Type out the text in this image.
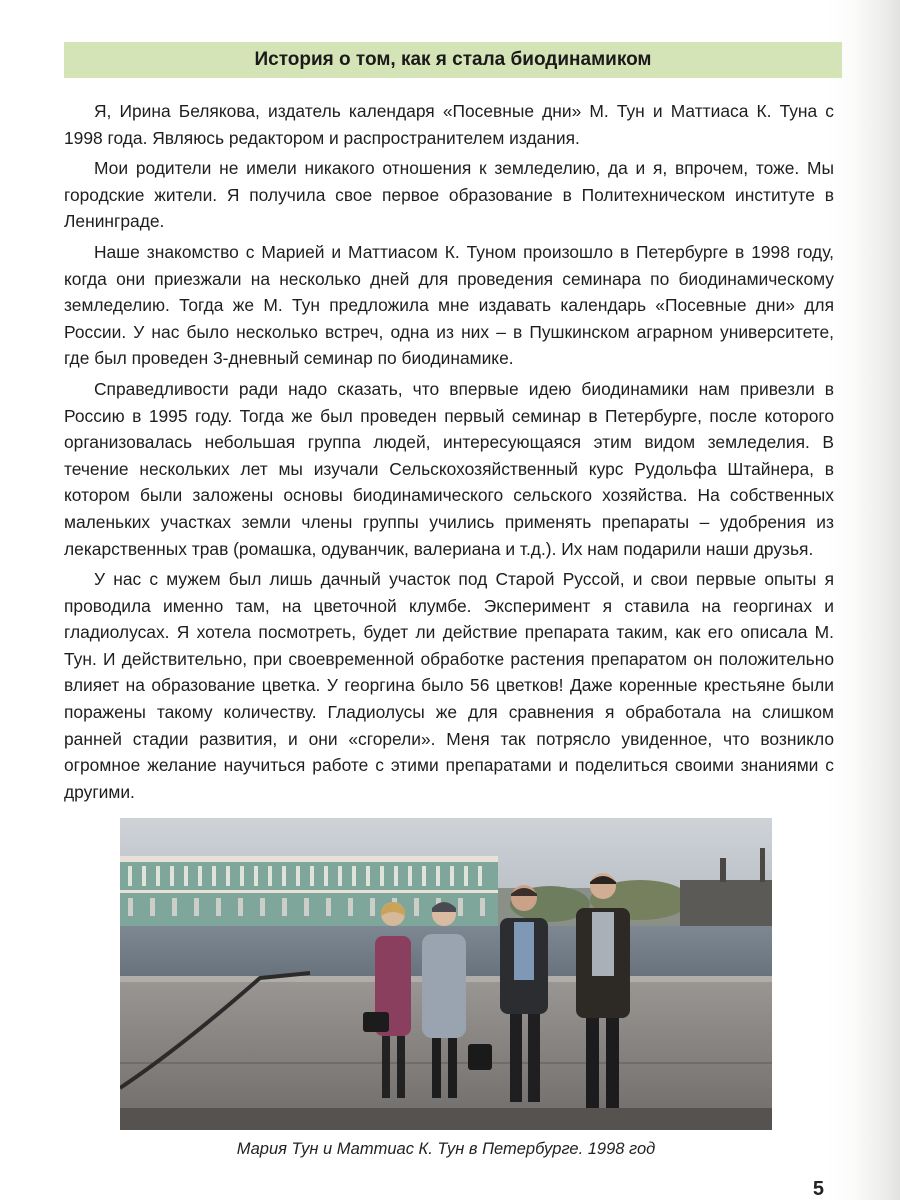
История о том, как я стала биодинамиком

Я, Ирина Белякова, издатель календаря «Посевные дни» М. Тун и Маттиаса К. Туна с 1998 года. Являюсь редактором и распространителем издания.

Мои родители не имели никакого отношения к земледелию, да и я, впрочем, тоже. Мы городские жители. Я получила свое первое образование в Политехническом институте в Ленинграде.

Наше знакомство с Марией и Маттиасом К. Туном произошло в Петербурге в 1998 году, когда они приезжали на несколько дней для проведения семинара по биодинамическому земледелию. Тогда же М. Тун предложила мне издавать календарь «Посевные дни» для России. У нас было несколько встреч, одна из них – в Пушкинском аграрном университете, где был проведен 3-дневный семинар по биодинамике.

Справедливости ради надо сказать, что впервые идею биодинамики нам привезли в Россию в 1995 году. Тогда же был проведен первый семинар в Петербурге, после которого организовалась небольшая группа людей, интересующаяся этим видом земледелия. В течение нескольких лет мы изучали Сельскохозяйственный курс Рудольфа Штайнера, в котором были заложены основы биодинамического сельского хозяйства. На собственных маленьких участках земли члены группы учились применять препараты – удобрения из лекарственных трав (ромашка, одуванчик, валериана и т.д.). Их нам подарили наши друзья.

У нас с мужем был лишь дачный участок под Старой Руссой, и свои первые опыты я проводила именно там, на цветочной клумбе. Эксперимент я ставила на георгинах и гладиолусах. Я хотела посмотреть, будет ли действие препарата таким, как его описала М. Тун. И действительно, при своевременной обработке растения препаратом он положительно влияет на образование цветка. У георгина было 56 цветков! Даже коренные крестьяне были поражены такому количеству. Гладиолусы же для сравнения я обработала на слишком ранней стадии развития, и они «сгорели». Меня так потрясло увиденное, что возникло огромное желание научиться работе с этими препаратами и поделиться своими знаниями с другими.

Мария Тун и Маттиас К. Тун в Петербурге. 1998 год
5
